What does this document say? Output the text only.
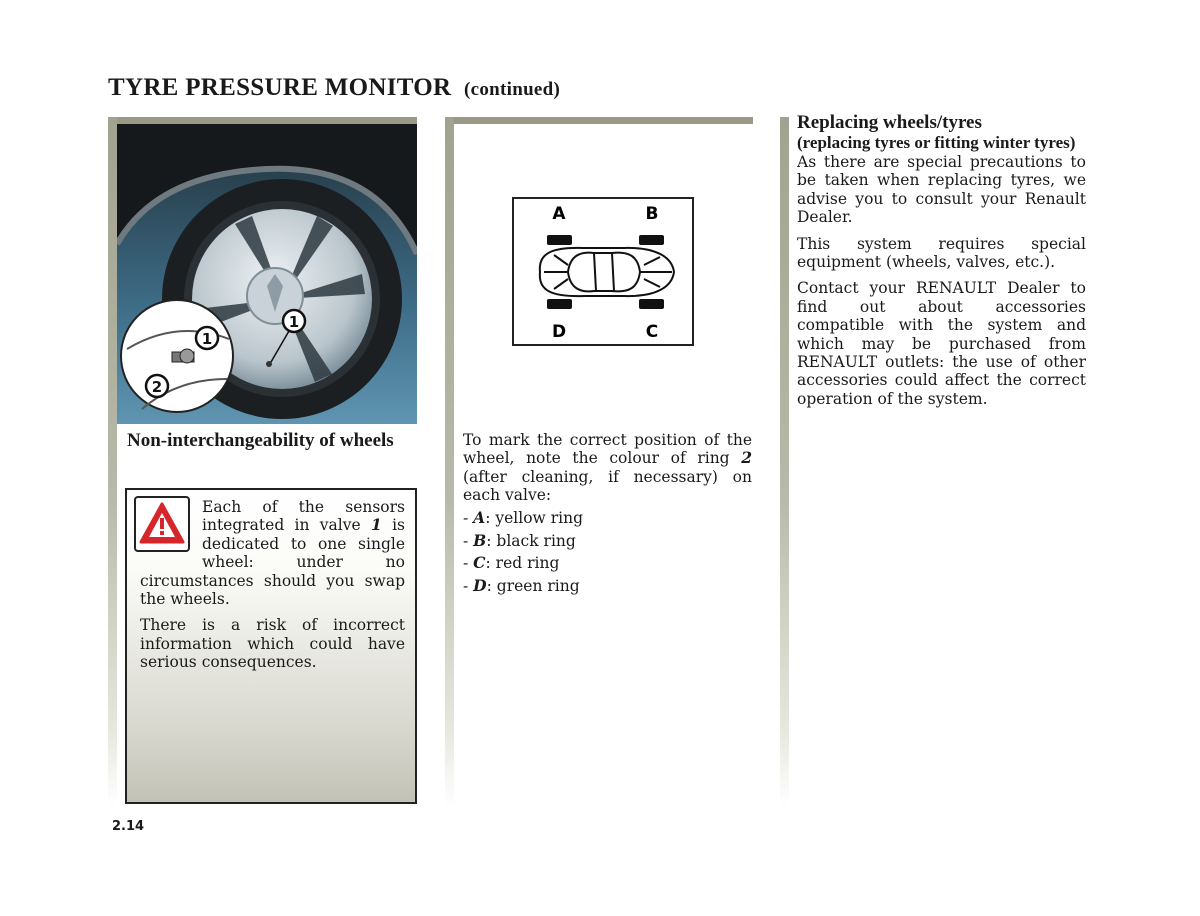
TYRE PRESSURE MONITOR (continued)
1
2
1
Non-interchangeability of wheels

Each of the sensors integrated in valve 1 is dedicated to one single wheel: under no circumstances should you swap the wheels.

There is a risk of incorrect information which could have serious consequences.

A	B
D	C

To mark the correct position of the wheel, note the colour of ring 2 (after cleaning, if necessary) on each valve:

- A: yellow ring
- B: black ring
- C: red ring
- D: green ring
Replacing wheels/tyres
(replacing tyres or fitting winter tyres)

As there are special precautions to be taken when replacing tyres, we advise you to consult your Renault Dealer.

This system requires special equipment (wheels, valves, etc.).

Contact your RENAULT Dealer to find out about accessories compatible with the system and which may be purchased from RENAULT outlets: the use of other accessories could affect the correct operation of the system.

2.14
